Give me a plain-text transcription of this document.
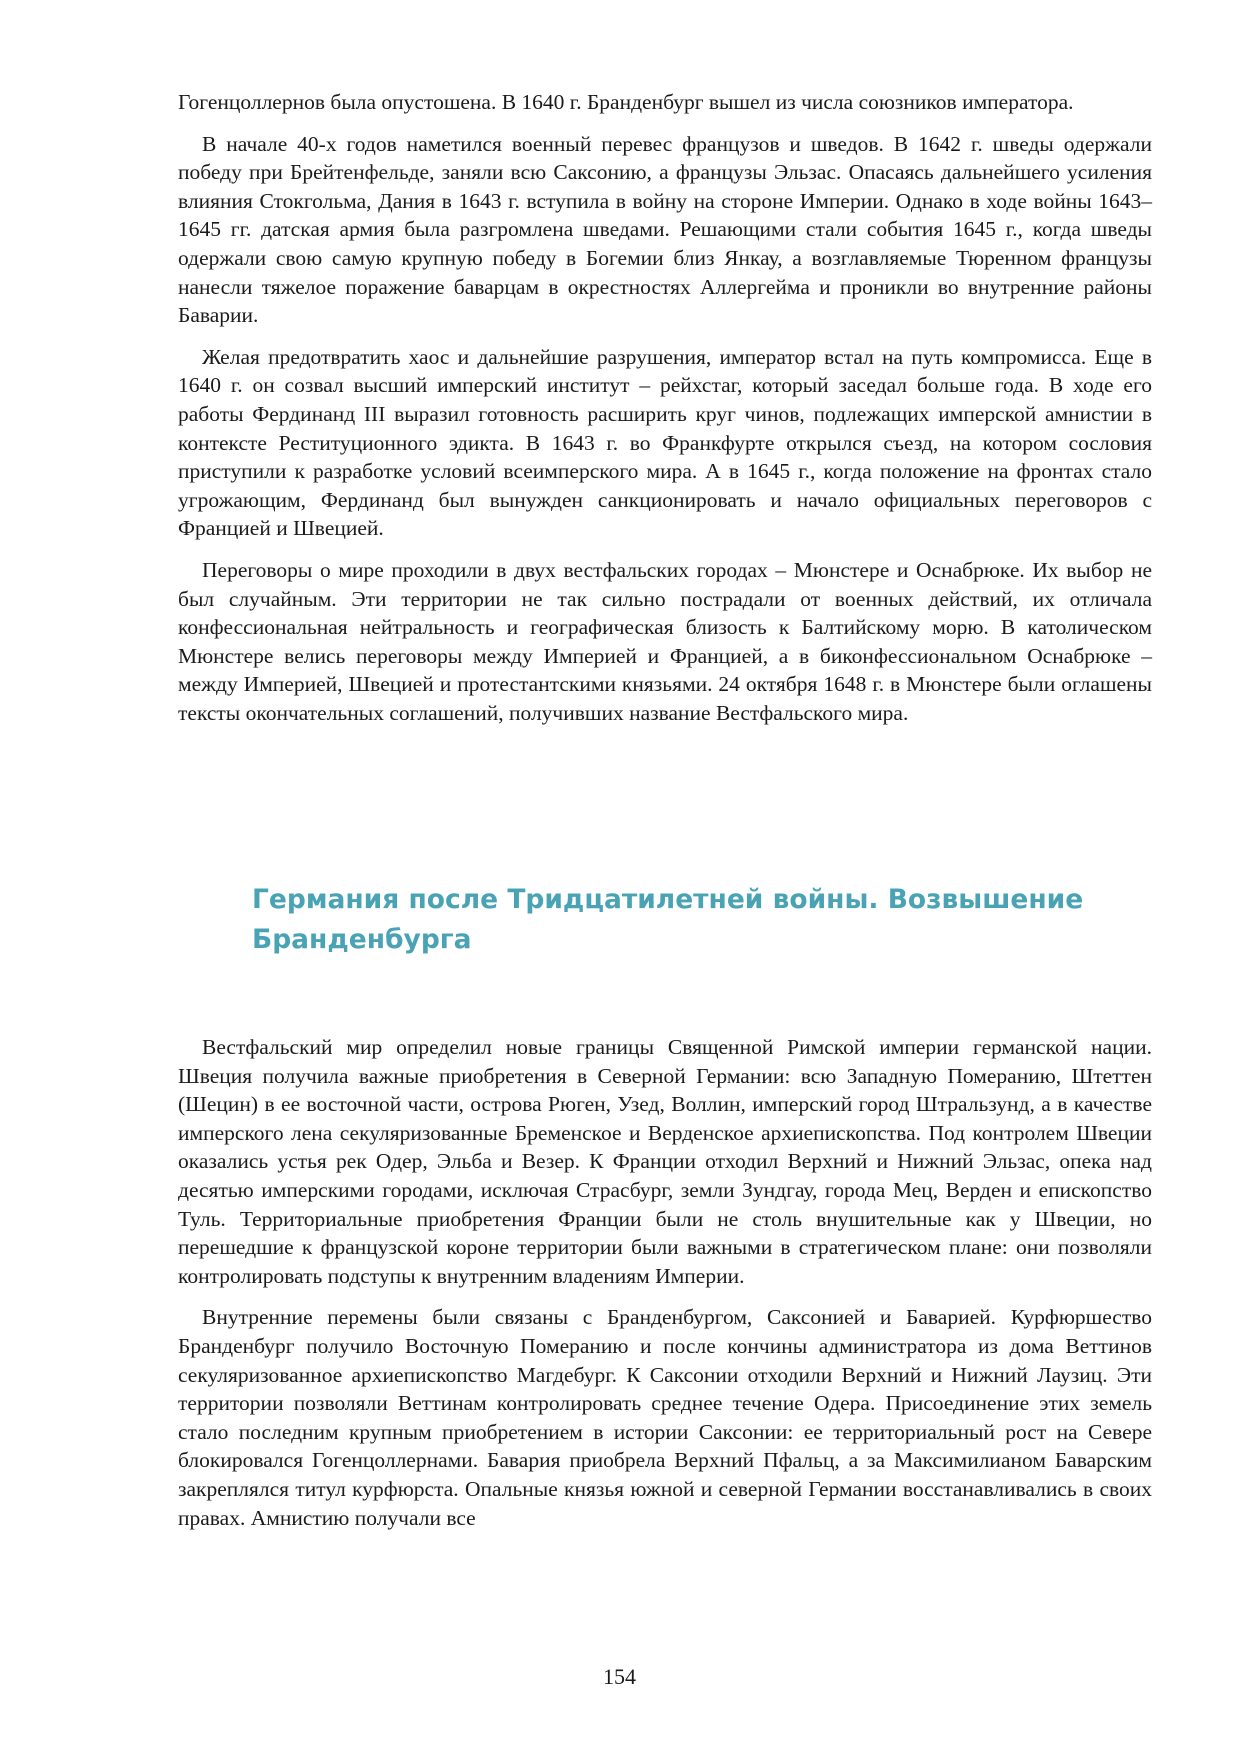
Гогенцоллернов была опустошена. В 1640 г. Бранденбург вышел из числа союзников императора.

В начале 40-х годов наметился военный перевес французов и шведов. В 1642 г. шведы одержали победу при Брейтенфельде, заняли всю Саксонию, а французы Эльзас. Опасаясь дальнейшего усиления влияния Стокгольма, Дания в 1643 г. вступила в войну на стороне Империи. Однако в ходе войны 1643–1645 гг. датская армия была разгромлена шведами. Решающими стали события 1645 г., когда шведы одержали свою самую крупную победу в Богемии близ Янкау, а возглавляемые Тюренном французы нанесли тяжелое поражение баварцам в окрестностях Аллергейма и проникли во внутренние районы Баварии.

Желая предотвратить хаос и дальнейшие разрушения, император встал на путь компромисса. Еще в 1640 г. он созвал высший имперский институт – рейхстаг, который заседал больше года. В ходе его работы Фердинанд III выразил готовность расширить круг чинов, подлежащих имперской амнистии в контексте Реституционного эдикта. В 1643 г. во Франкфурте открылся съезд, на котором сословия приступили к разработке условий всеимперского мира. А в 1645 г., когда положение на фронтах стало угрожающим, Фердинанд был вынужден санкционировать и начало официальных переговоров с Францией и Швецией.

Переговоры о мире проходили в двух вестфальских городах – Мюнстере и Оснабрюке. Их выбор не был случайным. Эти территории не так сильно пострадали от военных действий, их отличала конфессиональная нейтральность и географическая близость к Балтийскому морю. В католическом Мюнстере велись переговоры между Империей и Францией, а в биконфессиональном Оснабрюке – между Империей, Швецией и протестантскими князьями. 24 октября 1648 г. в Мюнстере были оглашены тексты окончательных соглашений, получивших название Вестфальского мира.

Германия после Тридцатилетней войны. Возвышение Бранденбурга

Вестфальский мир определил новые границы Священной Римской империи германской нации. Швеция получила важные приобретения в Северной Германии: всю Западную Померанию, Штеттен (Шецин) в ее восточной части, острова Рюген, Узед, Воллин, имперский город Штральзунд, а в качестве имперского лена секуляризованные Бременское и Верденское архиепископства. Под контролем Швеции оказались устья рек Одер, Эльба и Везер. К Франции отходил Верхний и Нижний Эльзас, опека над десятью имперскими городами, исключая Страсбург, земли Зундгау, города Мец, Верден и епископство Туль. Территориальные приобретения Франции были не столь внушительные как у Швеции, но перешедшие к французской короне территории были важными в стратегическом плане: они позволяли контролировать подступы к внутренним владениям Империи.

Внутренние перемены были связаны с Бранденбургом, Саксонией и Баварией. Курфюршество Бранденбург получило Восточную Померанию и после кончины администратора из дома Веттинов секуляризованное архиепископство Магдебург. К Саксонии отходили Верхний и Нижний Лаузиц. Эти территории позволяли Веттинам контролировать среднее течение Одера. Присоединение этих земель стало последним крупным приобретением в истории Саксонии: ее территориальный рост на Севере блокировался Гогенцоллернами. Бавария приобрела Верхний Пфальц, а за Максимилианом Баварским закреплялся титул курфюрста. Опальные князья южной и северной Германии восстанавливались в своих правах. Амнистию получали все

154
